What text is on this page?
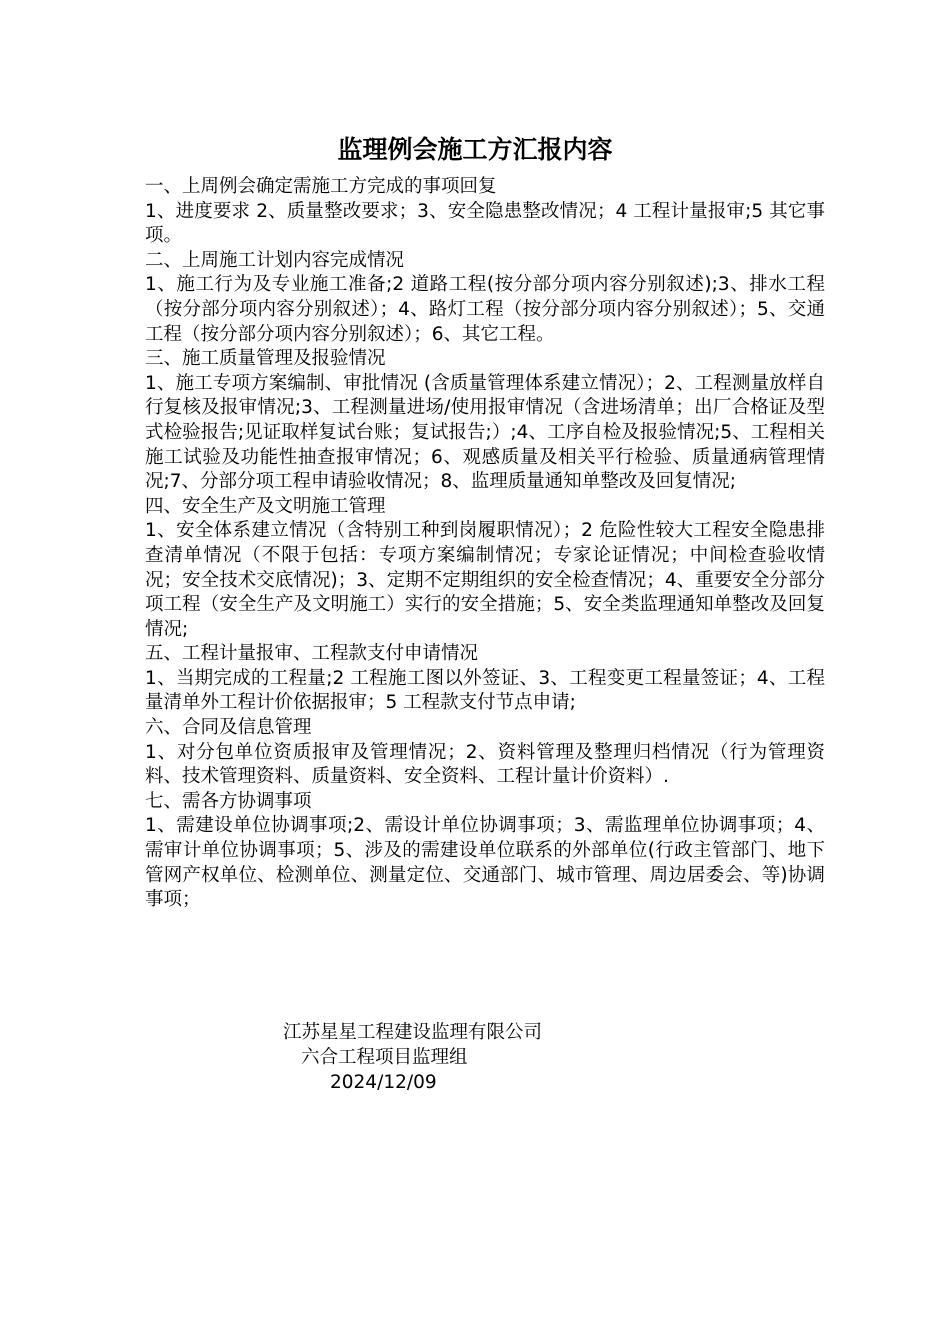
监理例会施工方汇报内容

一、上周例会确定需施工方完成的事项回复

1、进度要求 2、质量整改要求；3、安全隐患整改情况；4 工程计量报审;5 其它事项。

二、上周施工计划内容完成情况

1、施工行为及专业施工准备;2 道路工程(按分部分项内容分别叙述);3、排水工程（按分部分项内容分别叙述）；4、路灯工程（按分部分项内容分别叙述）；5、交通工程（按分部分项内容分别叙述）；6、其它工程。

三、施工质量管理及报验情况

1、施工专项方案编制、审批情况 (含质量管理体系建立情况）；2、工程测量放样自行复核及报审情况;3、工程测量进场/使用报审情况（含进场清单；出厂合格证及型式检验报告;见证取样复试台账；复试报告;）;4、工序自检及报验情况;5、工程相关施工试验及功能性抽查报审情况；6、观感质量及相关平行检验、质量通病管理情况;7、分部分项工程申请验收情况；8、监理质量通知单整改及回复情况;

四、安全生产及文明施工管理

1、安全体系建立情况（含特别工种到岗履职情况）；2 危险性较大工程安全隐患排查清单情况（不限于包括：专项方案编制情况；专家论证情况；中间检查验收情况；安全技术交底情况)；3、定期不定期组织的安全检查情况；4、重要安全分部分项工程（安全生产及文明施工）实行的安全措施；5、安全类监理通知单整改及回复情况;

五、工程计量报审、工程款支付申请情况

1、当期完成的工程量;2 工程施工图以外签证、3、工程变更工程量签证；4、工程量清单外工程计价依据报审；5 工程款支付节点申请;

六、合同及信息管理

1、对分包单位资质报审及管理情况；2、资料管理及整理归档情况（行为管理资料、技术管理资料、质量资料、安全资料、工程计量计价资料）.

七、需各方协调事项

1、需建设单位协调事项;2、需设计单位协调事项；3、需监理单位协调事项；4、需审计单位协调事项；5、涉及的需建设单位联系的外部单位(行政主管部门、地下管网产权单位、检测单位、测量定位、交通部门、城市管理、周边居委会、等)协调事项；

江苏星星工程建设监理有限公司
六合工程项目监理组
2024/12/09
